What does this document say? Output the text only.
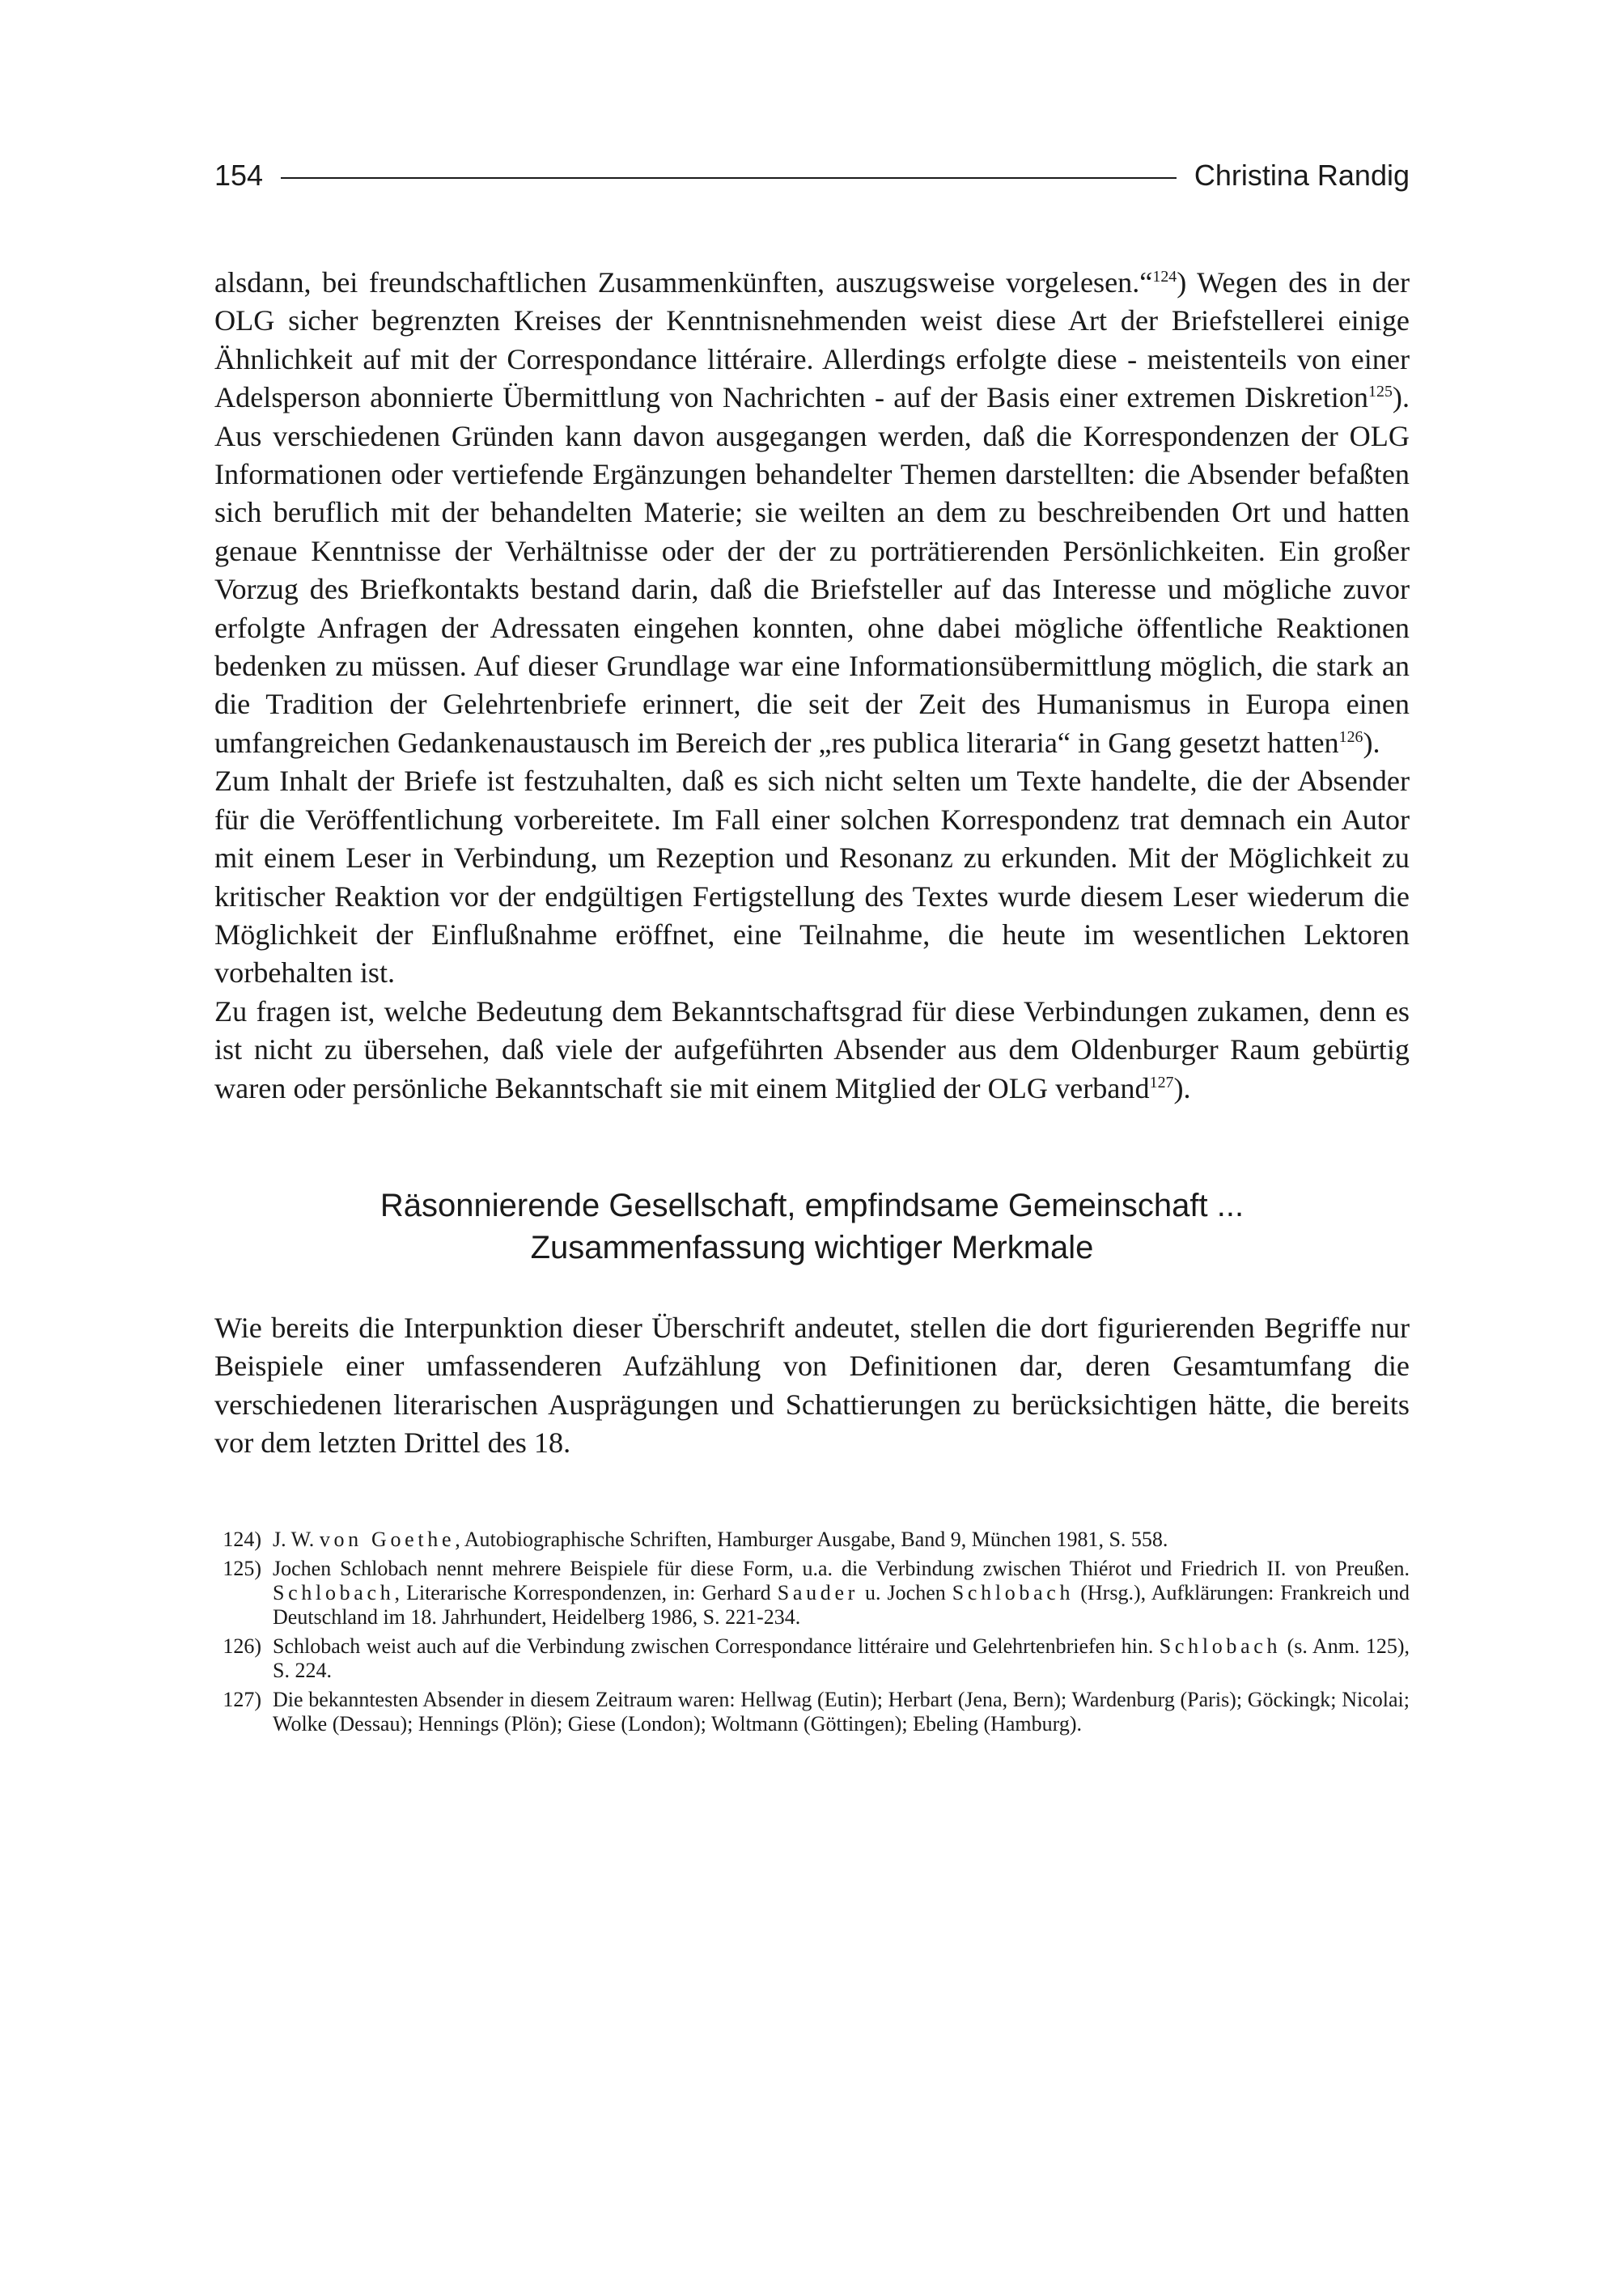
154	Christina Randig

alsdann, bei freundschaftlichen Zusammenkünften, auszugsweise vorgelesen.“$^{124}$) Wegen des in der OLG sicher begrenzten Kreises der Kenntnisnehmenden weist diese Art der Briefstellerei einige Ähnlichkeit auf mit der Correspondance littéraire. Allerdings erfolgte diese - meistenteils von einer Adelsperson abonnierte Übermittlung von Nachrichten - auf der Basis einer extremen Diskretion$^{125}$). Aus verschiedenen Gründen kann davon ausgegangen werden, daß die Korrespondenzen der OLG Informationen oder vertiefende Ergänzungen behandelter Themen darstellten: die Absender befaßten sich beruflich mit der behandelten Materie; sie weilten an dem zu beschreibenden Ort und hatten genaue Kenntnisse der Verhältnisse oder der der zu porträtierenden Persönlichkeiten. Ein großer Vorzug des Briefkontakts bestand darin, daß die Briefsteller auf das Interesse und mögliche zuvor erfolgte Anfragen der Adressaten eingehen konnten, ohne dabei mögliche öffentliche Reaktionen bedenken zu müssen. Auf dieser Grundlage war eine Informationsübermittlung möglich, die stark an die Tradition der Gelehrtenbriefe erinnert, die seit der Zeit des Humanismus in Europa einen umfangreichen Gedankenaustausch im Bereich der „res publica literaria“ in Gang gesetzt hatten$^{126}$).

Zum Inhalt der Briefe ist festzuhalten, daß es sich nicht selten um Texte handelte, die der Absender für die Veröffentlichung vorbereitete. Im Fall einer solchen Korrespondenz trat demnach ein Autor mit einem Leser in Verbindung, um Rezeption und Resonanz zu erkunden. Mit der Möglichkeit zu kritischer Reaktion vor der endgültigen Fertigstellung des Textes wurde diesem Leser wiederum die Möglichkeit der Einflußnahme eröffnet, eine Teilnahme, die heute im wesentlichen Lektoren vorbehalten ist.

Zu fragen ist, welche Bedeutung dem Bekanntschaftsgrad für diese Verbindungen zukamen, denn es ist nicht zu übersehen, daß viele der aufgeführten Absender aus dem Oldenburger Raum gebürtig waren oder persönliche Bekanntschaft sie mit einem Mitglied der OLG verband$^{127}$).

Räsonnierende Gesellschaft, empfindsame Gemeinschaft ...
Zusammenfassung wichtiger Merkmale

Wie bereits die Interpunktion dieser Überschrift andeutet, stellen die dort figurierenden Begriffe nur Beispiele einer umfassenderen Aufzählung von Definitionen dar, deren Gesamtumfang die verschiedenen literarischen Ausprägungen und Schattierungen zu berücksichtigen hätte, die bereits vor dem letzten Drittel des 18.

124) J. W. von Goethe, Autobiographische Schriften, Hamburger Ausgabe, Band 9, München 1981, S. 558.
125) Jochen Schlobach nennt mehrere Beispiele für diese Form, u.a. die Verbindung zwischen Thiérot und Friedrich II. von Preußen. Schlobach, Literarische Korrespondenzen, in: Gerhard Sauder u. Jochen Schlobach (Hrsg.), Aufklärungen: Frankreich und Deutschland im 18. Jahrhundert, Heidelberg 1986, S. 221-234.
126) Schlobach weist auch auf die Verbindung zwischen Correspondance littéraire und Gelehrtenbriefen hin. Schlobach (s. Anm. 125), S. 224.
127) Die bekanntesten Absender in diesem Zeitraum waren: Hellwag (Eutin); Herbart (Jena, Bern); Wardenburg (Paris); Göckingk; Nicolai; Wolke (Dessau); Hennings (Plön); Giese (London); Woltmann (Göttingen); Ebeling (Hamburg).
